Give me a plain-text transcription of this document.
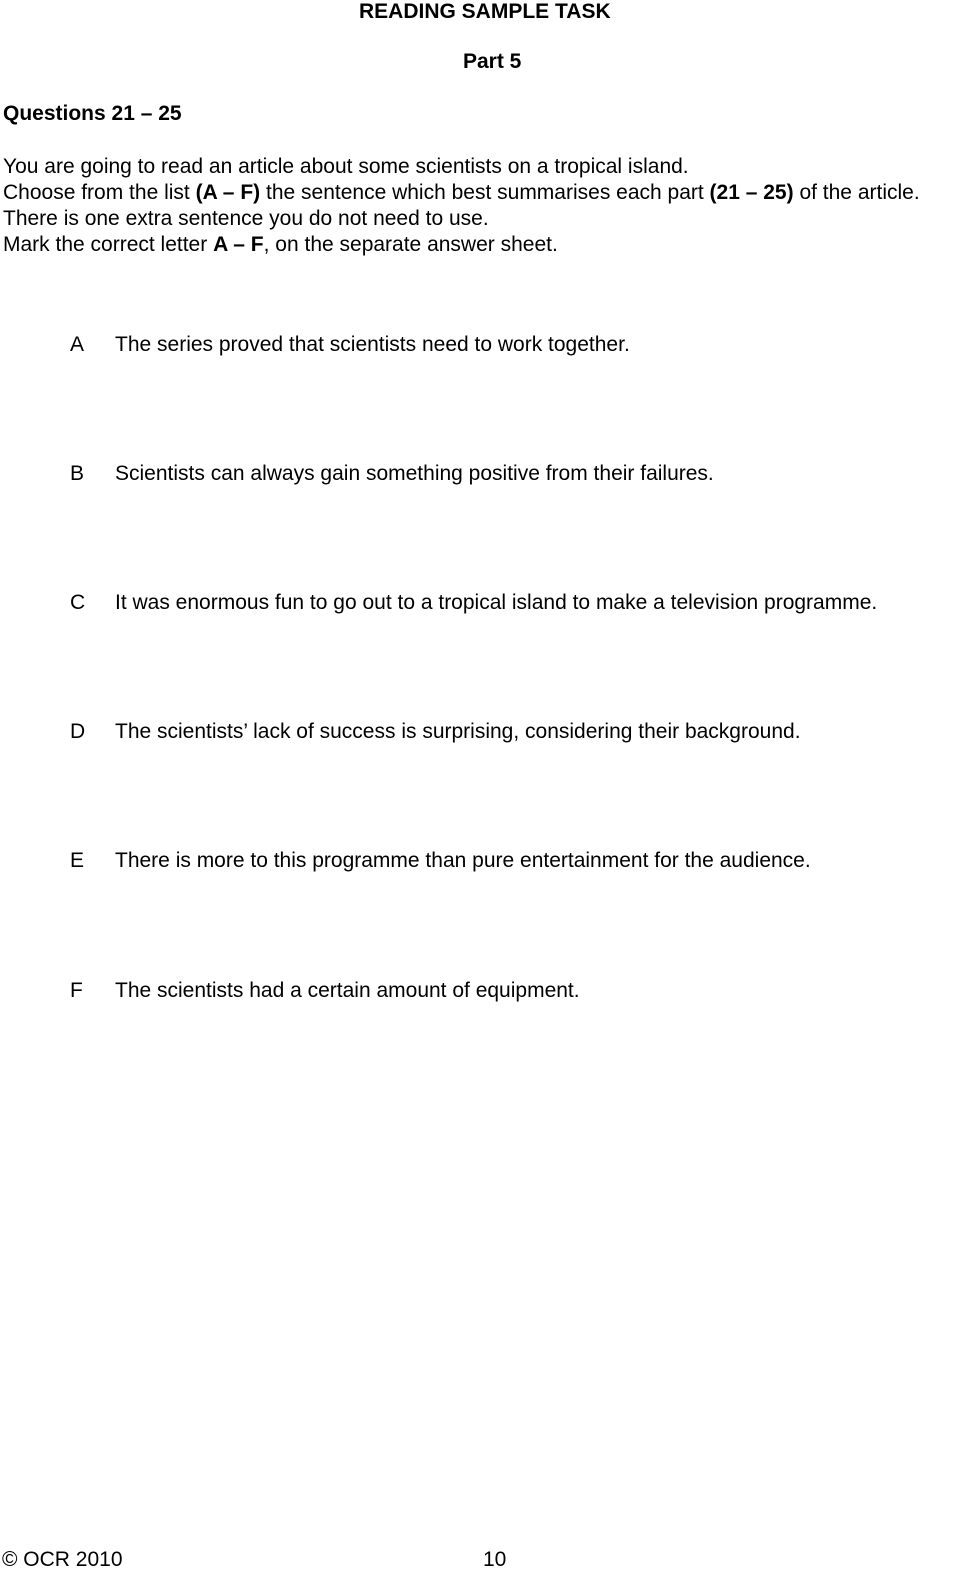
READING SAMPLE TASK
Part 5
Questions 21 – 25
You are going to read an article about some scientists on a tropical island.
Choose from the list (A – F) the sentence which best summarises each part (21 – 25) of the article.
There is one extra sentence you do not need to use.
Mark the correct letter A – F, on the separate answer sheet.
A	The series proved that scientists need to work together.
B	Scientists can always gain something positive from their failures.
C	It was enormous fun to go out to a tropical island to make a television programme.
D	The scientists’ lack of success is surprising, considering their background.
E	There is more to this programme than pure entertainment for the audience.
F	The scientists had a certain amount of equipment.
© OCR 2010	10
